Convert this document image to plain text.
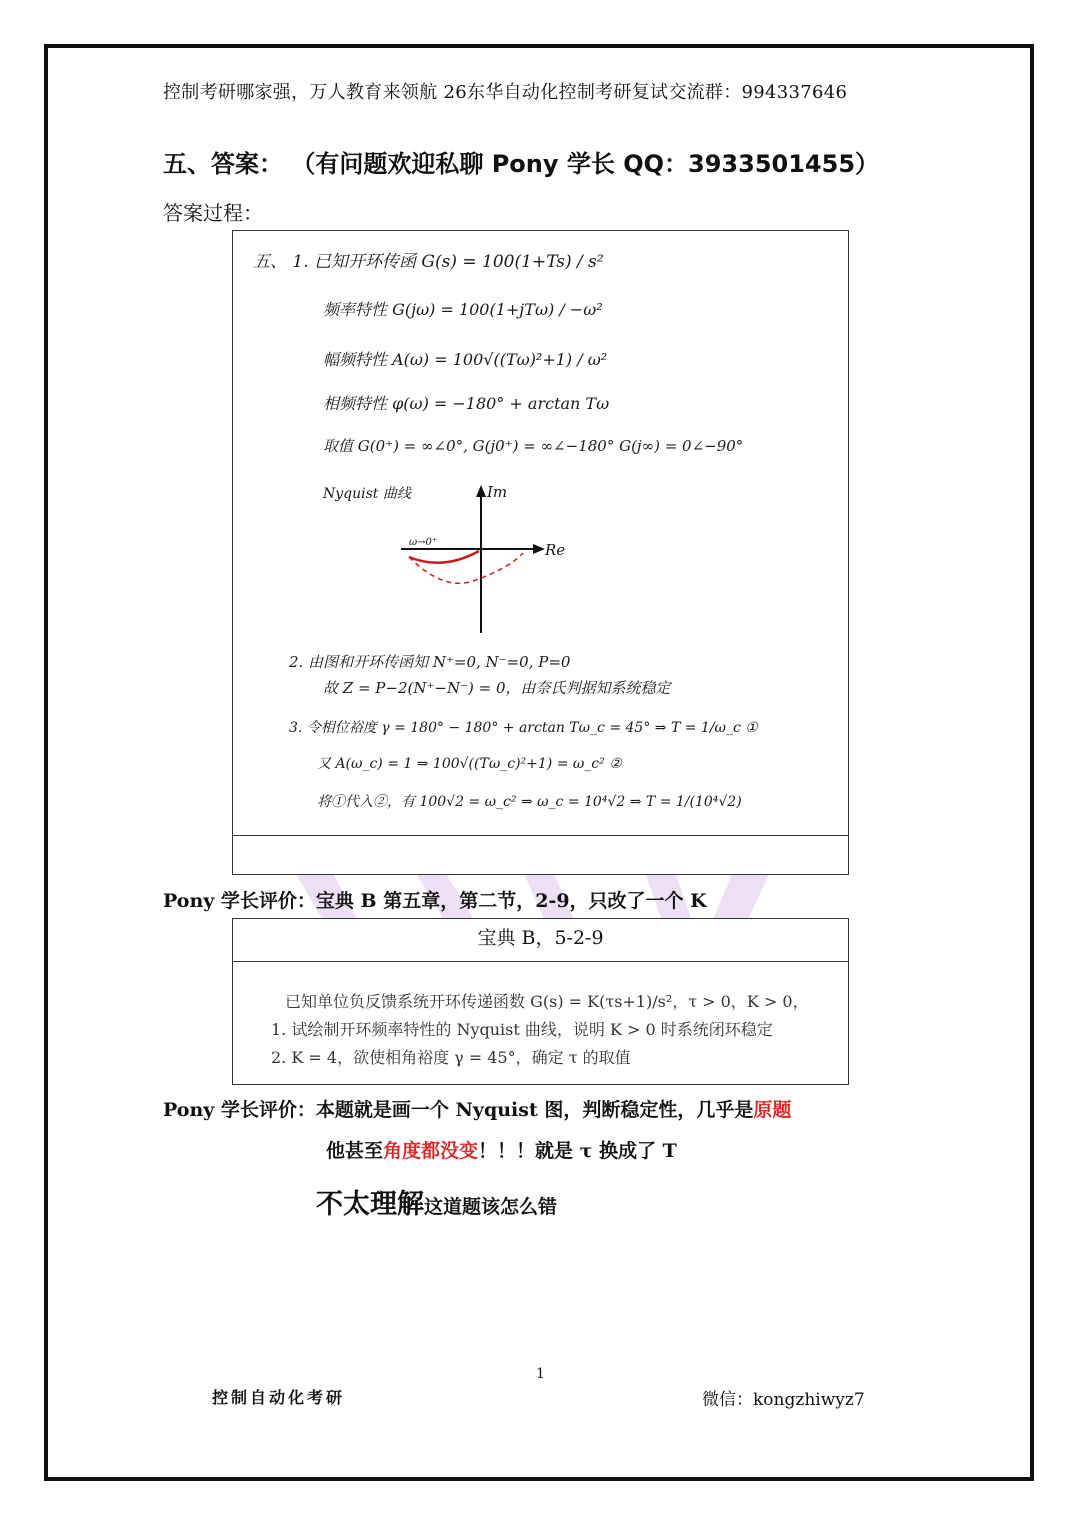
控制考研哪家强，万人教育来领航 26东华自动化控制考研复试交流群：994337646
五、答案： （有问题欢迎私聊 Pony 学长 QQ：3933501455）
答案过程：
五、 1. 已知开环传函 G(s) = 100(1+Ts) / s²
频率特性 G(jω) = 100(1+jTω) / −ω²
幅频特性 A(ω) = 100√((Tω)²+1) / ω²
相频特性 φ(ω) = −180° + arctan Tω
取值 G(0⁺) = ∞∠0°, G(j0⁺) = ∞∠−180° G(j∞) = 0∠−90°
Nyquist 曲线	Im
Re
ω→0⁺
2. 由图和开环传函知 N⁺=0, N⁻=0, P=0
故 Z = P−2(N⁺−N⁻) = 0，由奈氏判据知系统稳定
3. 令相位裕度 γ = 180° − 180° + arctan Tω_c = 45° ⇒ T = 1/ω_c ①
又 A(ω_c) = 1 ⇒ 100√((Tω_c)²+1) = ω_c² ②
将①代入②，有 100√2 = ω_c² ⇒ ω_c = 10⁴√2 ⇒ T = 1/(10⁴√2)
Pony 学长评价：宝典 B 第五章，第二节，2-9，只改了一个 K
宝典 B，5-2-9
已知单位负反馈系统开环传递函数 G(s) = K(τs+1)/s²，τ > 0，K > 0，
1. 试绘制开环频率特性的 Nyquist 曲线，说明 K > 0 时系统闭环稳定
2. K = 4，欲使相角裕度 γ = 45°，确定 τ 的取值
Pony 学长评价：本题就是画一个 Nyquist 图，判断稳定性，几乎是原题
他甚至角度都没变！！！就是 τ 换成了 T
不太理解这道题该怎么错
1
控制自动化考研	微信：kongzhiwyz7
